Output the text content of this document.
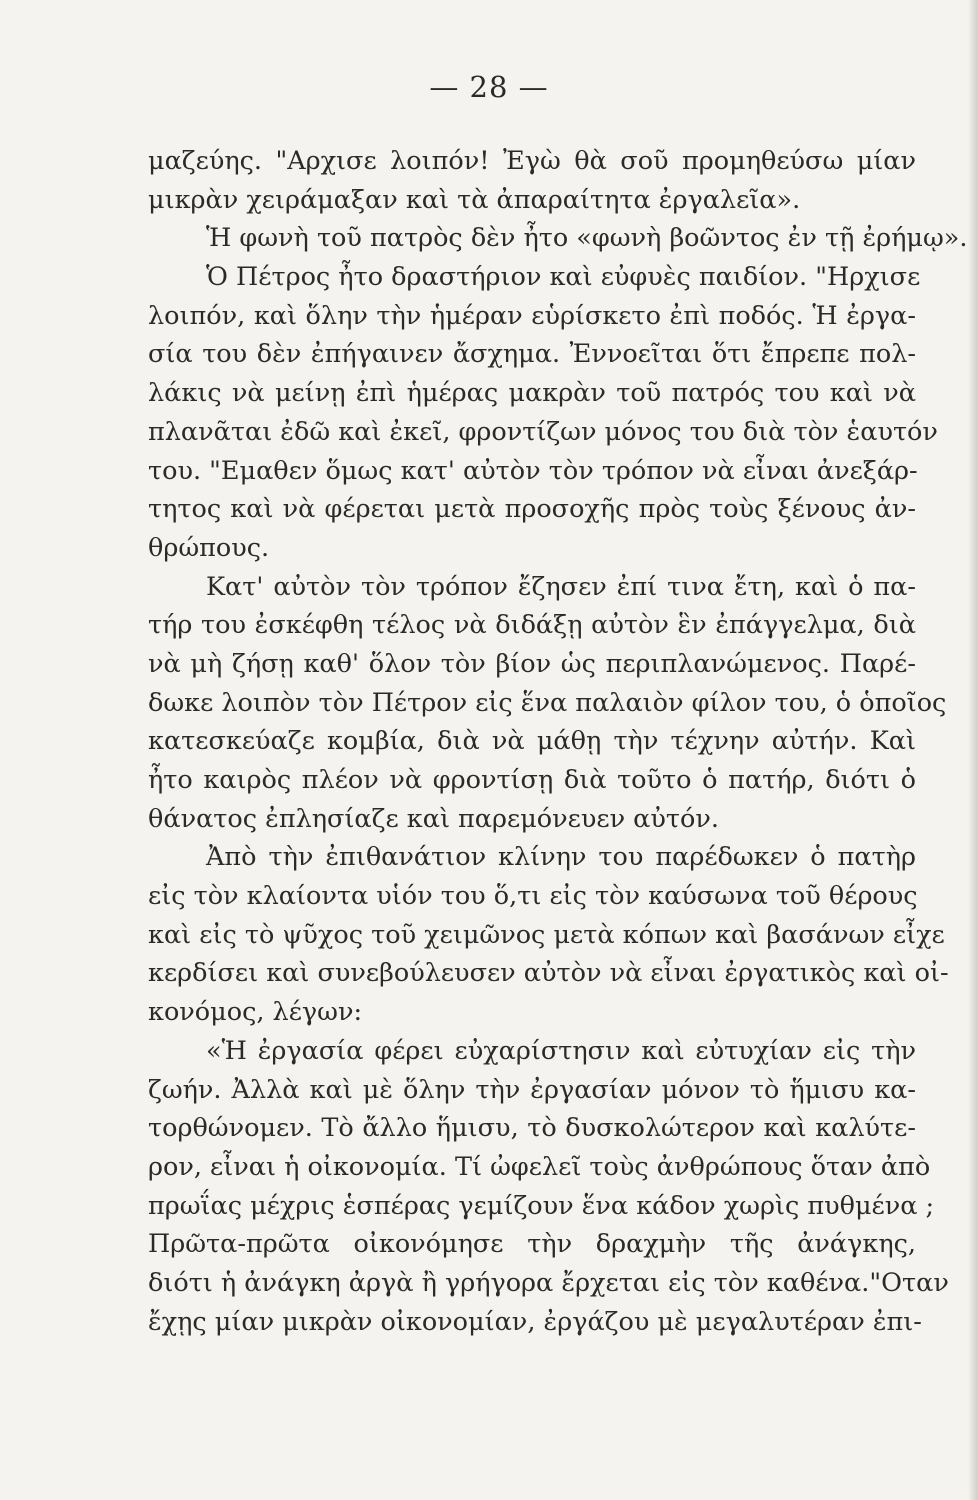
— 28 —
μαζεύης. "Αρχισε λοιπόν! Ἐγὼ θὰ σοῦ προμηθεύσω μίαν
μικρὰν χειράμαξαν καὶ τὰ ἀπαραίτητα ἐργαλεῖα».
Ἡ φωνὴ τοῦ πατρὸς δὲν ἦτο «φωνὴ βοῶντος ἐν τῇ ἐρήμῳ».
Ὁ Πέτρος ἦτο δραστήριον καὶ εὐφυὲς παιδίον. "Ηρχισε
λοιπόν, καὶ ὅλην τὴν ἡμέραν εὑρίσκετο ἐπὶ ποδός. Ἡ ἐργα-
σία του δὲν ἐπήγαινεν ἄσχημα. Ἐννοεῖται ὅτι ἔπρεπε πολ-
λάκις νὰ μείνῃ ἐπὶ ἡμέρας μακρὰν τοῦ πατρός του καὶ νὰ
πλανᾶται ἐδῶ καὶ ἐκεῖ, φροντίζων μόνος του διὰ τὸν ἑαυτόν
του. "Εμαθεν ὅμως κατ' αὐτὸν τὸν τρόπον νὰ εἶναι ἀνεξάρ-
τητος καὶ νὰ φέρεται μετὰ προσοχῆς πρὸς τοὺς ξένους ἀν-
θρώπους.
Κατ' αὐτὸν τὸν τρόπον ἔζησεν ἐπί τινα ἔτη, καὶ ὁ πα-
τήρ του ἐσκέφθη τέλος νὰ διδάξῃ αὐτὸν ἓν ἐπάγγελμα, διὰ
νὰ μὴ ζήσῃ καθ' ὅλον τὸν βίον ὡς περιπλανώμενος. Παρέ-
δωκε λοιπὸν τὸν Πέτρον εἰς ἕνα παλαιὸν φίλον του, ὁ ὁποῖος
κατεσκεύαζε κομβία, διὰ νὰ μάθῃ τὴν τέχνην αὐτήν. Καὶ
ἦτο καιρὸς πλέον νὰ φροντίσῃ διὰ τοῦτο ὁ πατήρ, διότι ὁ
θάνατος ἐπλησίαζε καὶ παρεμόνευεν αὐτόν.
Ἀπὸ τὴν ἐπιθανάτιον κλίνην του παρέδωκεν ὁ πατὴρ
εἰς τὸν κλαίοντα υἱόν του ὅ,τι εἰς τὸν καύσωνα τοῦ θέρους
καὶ εἰς τὸ ψῦχος τοῦ χειμῶνος μετὰ κόπων καὶ βασάνων εἶχε
κερδίσει καὶ συνεβούλευσεν αὐτὸν νὰ εἶναι ἐργατικὸς καὶ οἰ-
κονόμος, λέγων:
«Ἡ ἐργασία φέρει εὐχαρίστησιν καὶ εὐτυχίαν εἰς τὴν
ζωήν. Ἀλλὰ καὶ μὲ ὅλην τὴν ἐργασίαν μόνον τὸ ἥμισυ κα-
τορθώνομεν. Τὸ ἄλλο ἥμισυ, τὸ δυσκολώτερον καὶ καλύτε-
ρον, εἶναι ἡ οἰκονομία. Τί ὠφελεῖ τοὺς ἀνθρώπους ὅταν ἀπὸ
πρωΐας μέχρις ἑσπέρας γεμίζουν ἕνα κάδον χωρὶς πυθμένα ;
Πρῶτα-πρῶτα οἰκονόμησε τὴν δραχμὴν τῆς ἀνάγκης,
διότι ἡ ἀνάγκη ἀργὰ ἢ γρήγορα ἔρχεται εἰς τὸν καθένα."Οταν
ἔχῃς μίαν μικρὰν οἰκονομίαν, ἐργάζου μὲ μεγαλυτέραν ἐπι-
